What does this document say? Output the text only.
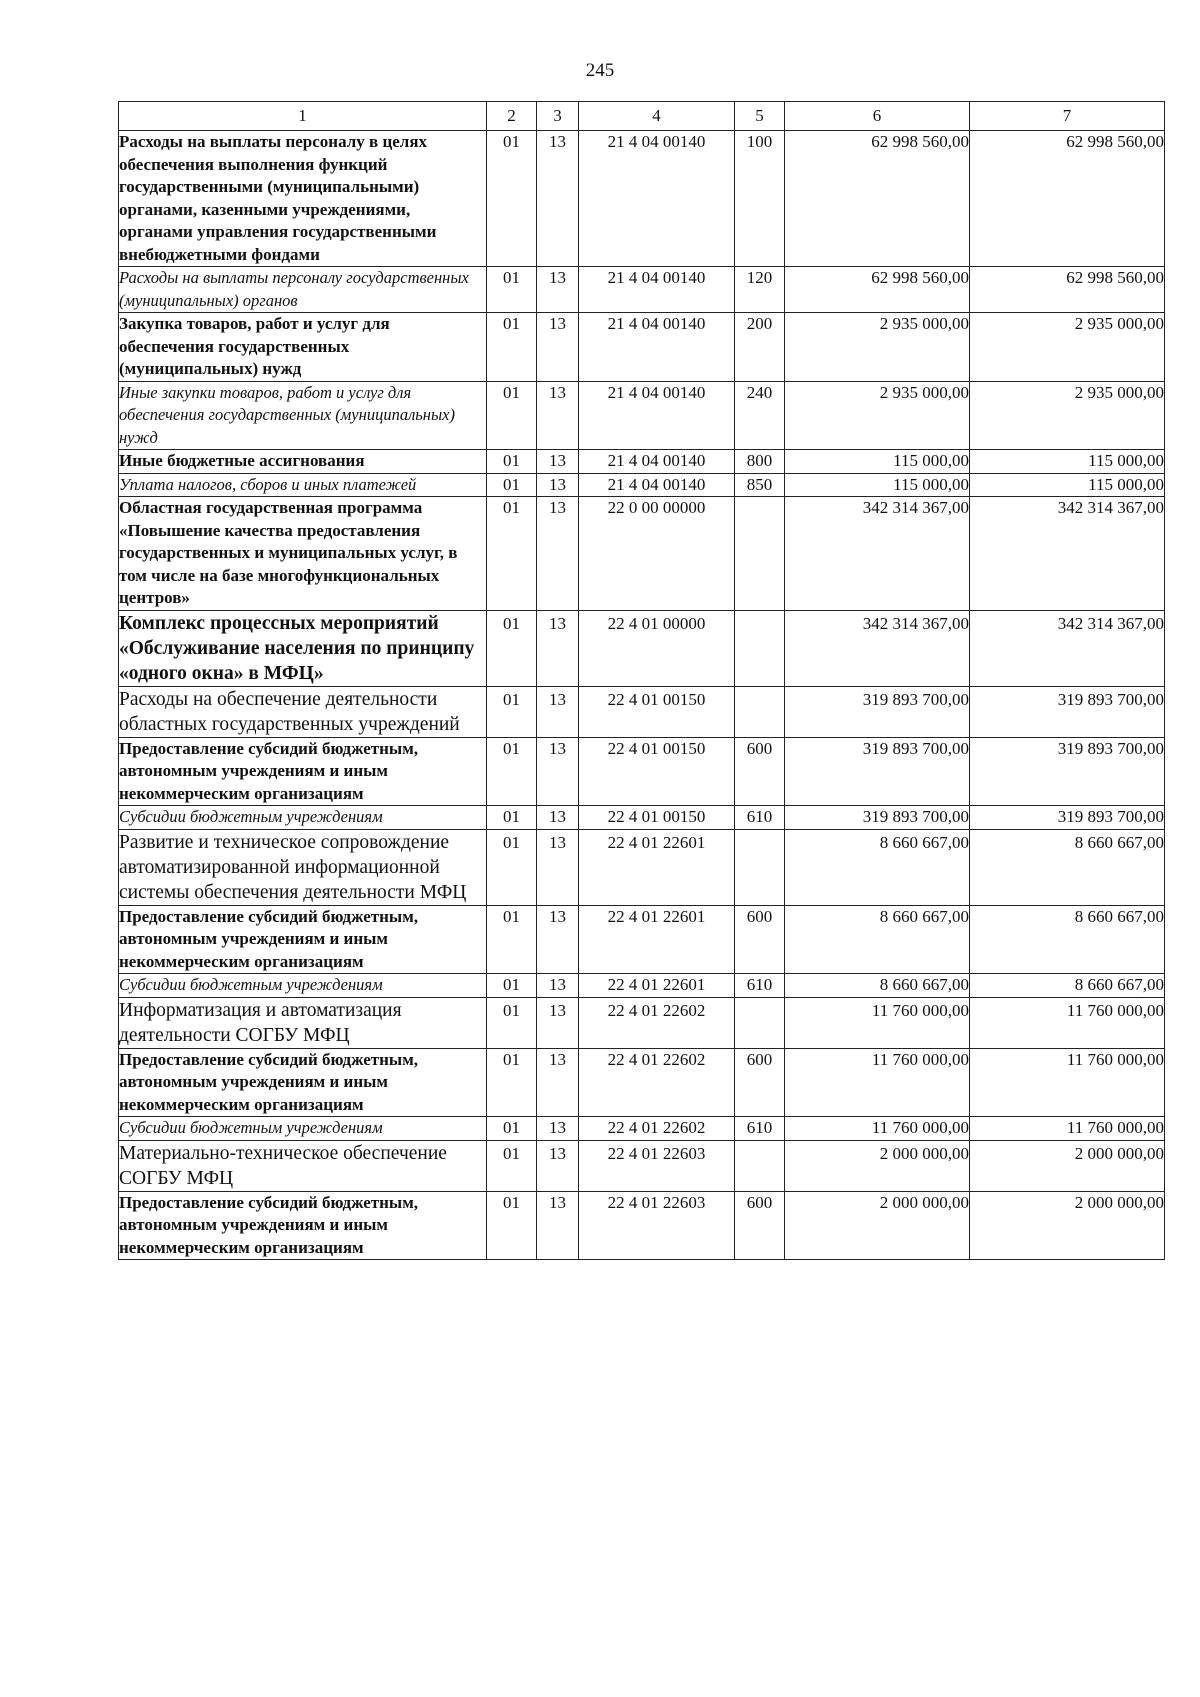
245
1	2	3	4	5	6	7
Расходы на выплаты персоналу в целях обеспечения выполнения функций государственными (муниципальными) органами, казенными учреждениями, органами управления государственными внебюджетными фондами	01	13	21 4 04 00140	100	62 998 560,00	62 998 560,00
Расходы на выплаты персоналу государственных (муниципальных) органов	01	13	21 4 04 00140	120	62 998 560,00	62 998 560,00
Закупка товаров, работ и услуг для обеспечения государственных (муниципальных) нужд	01	13	21 4 04 00140	200	2 935 000,00	2 935 000,00
Иные закупки товаров, работ и услуг для обеспечения государственных (муниципальных) нужд	01	13	21 4 04 00140	240	2 935 000,00	2 935 000,00
Иные бюджетные ассигнования	01	13	21 4 04 00140	800	115 000,00	115 000,00
Уплата налогов, сборов и иных платежей	01	13	21 4 04 00140	850	115 000,00	115 000,00
Областная государственная программа «Повышение качества предоставления государственных и муниципальных услуг, в том числе на базе многофункциональных центров»	01	13	22 0 00 00000		342 314 367,00	342 314 367,00
Комплекс процессных мероприятий «Обслуживание населения по принципу «одного окна» в МФЦ»	01	13	22 4 01 00000		342 314 367,00	342 314 367,00
Расходы на обеспечение деятельности областных государственных учреждений	01	13	22 4 01 00150		319 893 700,00	319 893 700,00
Предоставление субсидий бюджетным, автономным учреждениям и иным некоммерческим организациям	01	13	22 4 01 00150	600	319 893 700,00	319 893 700,00
Субсидии бюджетным учреждениям	01	13	22 4 01 00150	610	319 893 700,00	319 893 700,00
Развитие и техническое сопровождение автоматизированной информационной системы обеспечения деятельности МФЦ	01	13	22 4 01 22601		8 660 667,00	8 660 667,00
Предоставление субсидий бюджетным, автономным учреждениям и иным некоммерческим организациям	01	13	22 4 01 22601	600	8 660 667,00	8 660 667,00
Субсидии бюджетным учреждениям	01	13	22 4 01 22601	610	8 660 667,00	8 660 667,00
Информатизация и автоматизация деятельности СОГБУ МФЦ	01	13	22 4 01 22602		11 760 000,00	11 760 000,00
Предоставление субсидий бюджетным, автономным учреждениям и иным некоммерческим организациям	01	13	22 4 01 22602	600	11 760 000,00	11 760 000,00
Субсидии бюджетным учреждениям	01	13	22 4 01 22602	610	11 760 000,00	11 760 000,00
Материально-техническое обеспечение СОГБУ МФЦ	01	13	22 4 01 22603		2 000 000,00	2 000 000,00
Предоставление субсидий бюджетным, автономным учреждениям и иным некоммерческим организациям	01	13	22 4 01 22603	600	2 000 000,00	2 000 000,00
